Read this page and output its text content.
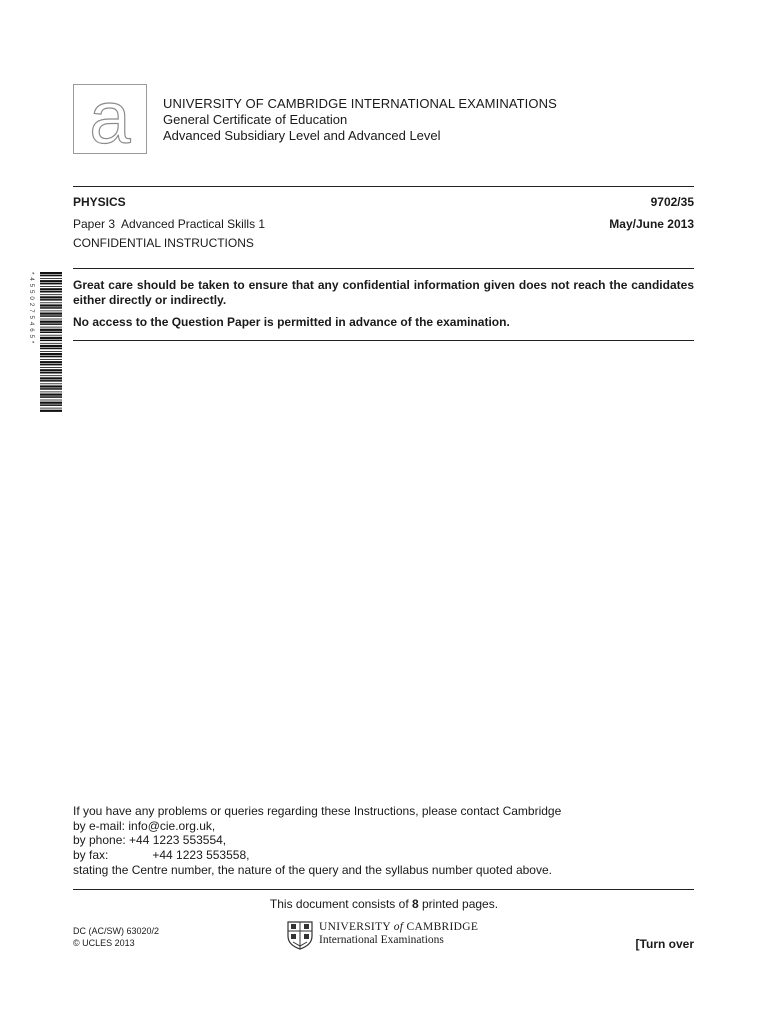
a UNIVERSITY OF CAMBRIDGE INTERNATIONAL EXAMINATIONS
General Certificate of Education
Advanced Subsidiary Level and Advanced Level
PHYSICS	9702/35
Paper 3  Advanced Practical Skills 1	May/June 2013
CONFIDENTIAL INSTRUCTIONS
Great care should be taken to ensure that any confidential information given does not reach the candidates either directly or indirectly.
No access to the Question Paper is permitted in advance of the examination.
* 4 5 5 0 2 7 5 4 6 5 *
If you have any problems or queries regarding these Instructions, please contact Cambridge
by e-mail: info@cie.org.uk,
by phone: +44 1223 553554,
by fax:	+44 1223 553558,
stating the Centre number, the nature of the query and the syllabus number quoted above.
This document consists of 8 printed pages.
DC (AC/SW) 63020/2
© UCLES 2013
UNIVERSITY of CAMBRIDGE
International Examinations	[Turn over
